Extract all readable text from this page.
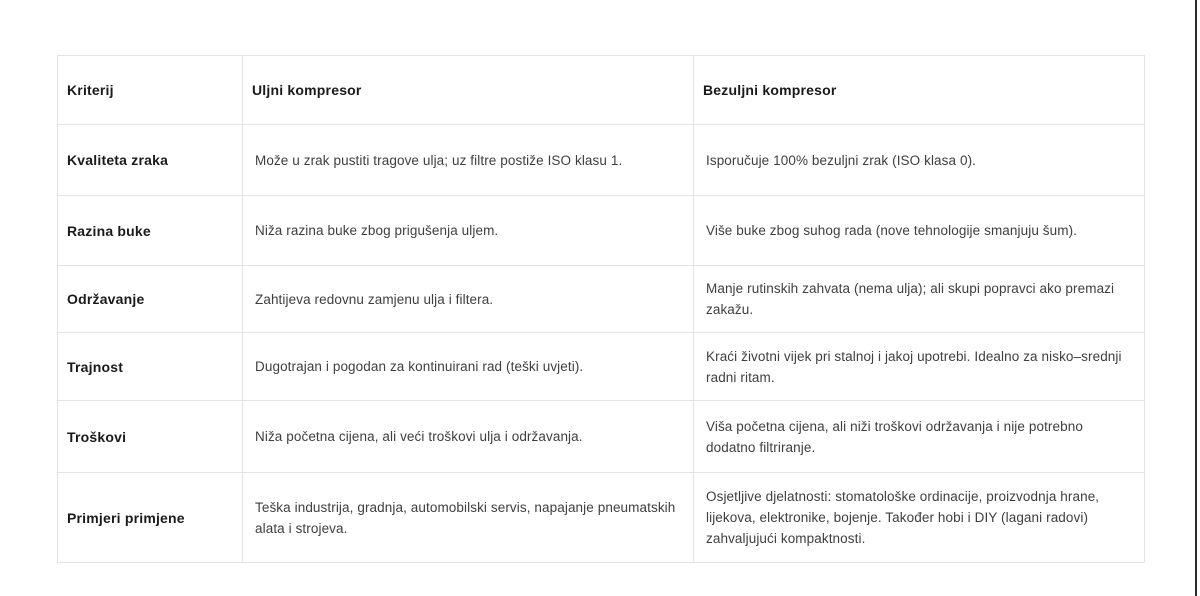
Kriterij	Uljni kompresor	Bezuljni kompresor
Kvaliteta zraka	Može u zrak pustiti tragove ulja; uz filtre postiže ISO klasu 1.	Isporučuje 100% bezuljni zrak (ISO klasa 0).
Razina buke	Niža razina buke zbog prigušenja uljem.	Više buke zbog suhog rada (nove tehnologije smanjuju šum).
Održavanje	Zahtijeva redovnu zamjenu ulja i filtera.	Manje rutinskih zahvata (nema ulja); ali skupi popravci ako premazi zakažu.
Trajnost	Dugotrajan i pogodan za kontinuirani rad (teški uvjeti).	Kraći životni vijek pri stalnoj i jakoj upotrebi. Idealno za nisko–srednji radni ritam.
Troškovi	Niža početna cijena, ali veći troškovi ulja i održavanja.	Viša početna cijena, ali niži troškovi održavanja i nije potrebno dodatno filtriranje.
Primjeri primjene	Teška industrija, gradnja, automobilski servis, napajanje pneumatskih alata i strojeva.	Osjetljive djelatnosti: stomatološke ordinacije, proizvodnja hrane, lijekova, elektronike, bojenje. Također hobi i DIY (lagani radovi) zahvaljujući kompaktnosti.
